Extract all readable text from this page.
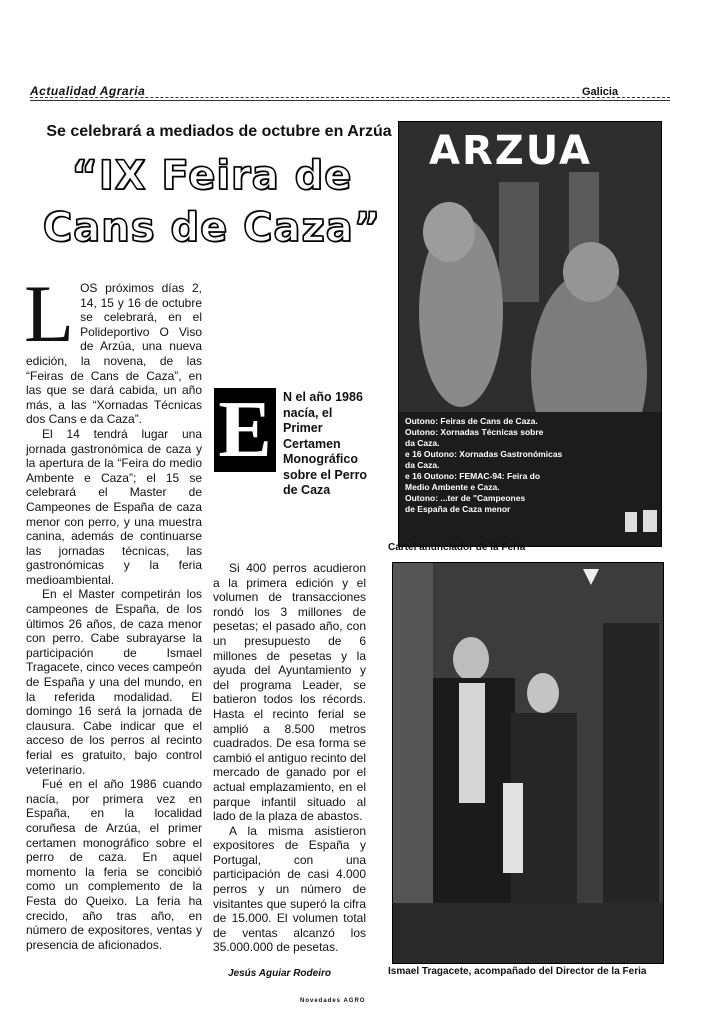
Actualidad Agraria	Galicia
Se celebrará a mediados de octubre en Arzúa
“IX Feira de
Cans de Caza”
L OS próximos días 2, 14, 15 y 16 de octubre se celebrará, en el Polideportivo O Viso de Arzúa, una nueva edición, la novena, de las “Feiras de Cans de Caza”, en las que se dará cabida, un año más, a las “Xornadas Técnicas dos Cans e da Caza”.

El 14 tendrá lugar una jornada gastronómica de caza y la apertura de la “Feira do medio Ambente e Caza”; el 15 se celebrará el Master de Campeones de España de caza menor con perro, y una muestra canina, además de continuarse las jornadas técnicas, las gastronómicas y la feria medioambiental.

En el Master competirán los campeones de España, de los últimos 26 años, de caza menor con perro. Cabe subrayarse la participación de Ismael Tragacete, cinco veces campeón de España y una del mundo, en la referida modalidad. El domingo 16 será la jornada de clausura. Cabe indicar que el acceso de los perros al recinto ferial es gratuito, bajo control veterinario.

Fué en el año 1986 cuando nacía, por primera vez en España, en la localidad coruñesa de Arzúa, el primer certamen monográfico sobre el perro de caza. En aquel momento la feria se concibió como un complemento de la Festa do Queixo. La feria ha crecido, año tras año, en número de expositores, ventas y presencia de aficionados.

E N el año 1986 nacía, el Primer Certamen Monográfico sobre el Perro de Caza

Si 400 perros acudieron a la primera edición y el volumen de transacciones rondó los 3 millones de pesetas; el pasado año, con un presupuesto de 6 millones de pesetas y la ayuda del Ayuntamiento y del programa Leader, se batieron todos los récords. Hasta el recinto ferial se amplió a 8.500 metros cuadrados. De esa forma se cambió el antiguo recinto del mercado de ganado por el actual emplazamiento, en el parque infantil situado al lado de la plaza de abastos.

A la misma asistieron expositores de España y Portugal, con una participación de casi 4.000 perros y un número de visitantes que superó la cifra de 15.000. El volumen total de ventas alcanzó los 35.000.000 de pesetas.

Jesús Aguiar Rodeiro
ARZUA
Outono: Feiras de Cans de Caza.
Outono: Xornadas Técnicas sobre
da Caza.
e 16 Outono: Xornadas Gastronómicas
da Caza.
e 16 Outono: FEMAC-94: Feira do
Medio Ambente e Caza.
Outono: ...ter de "Campeones
de España de Caza menor
Cartel anunciador de la Feria
Ismael Tragacete, acompañado del Director de la Feria
Novedades AGRO
